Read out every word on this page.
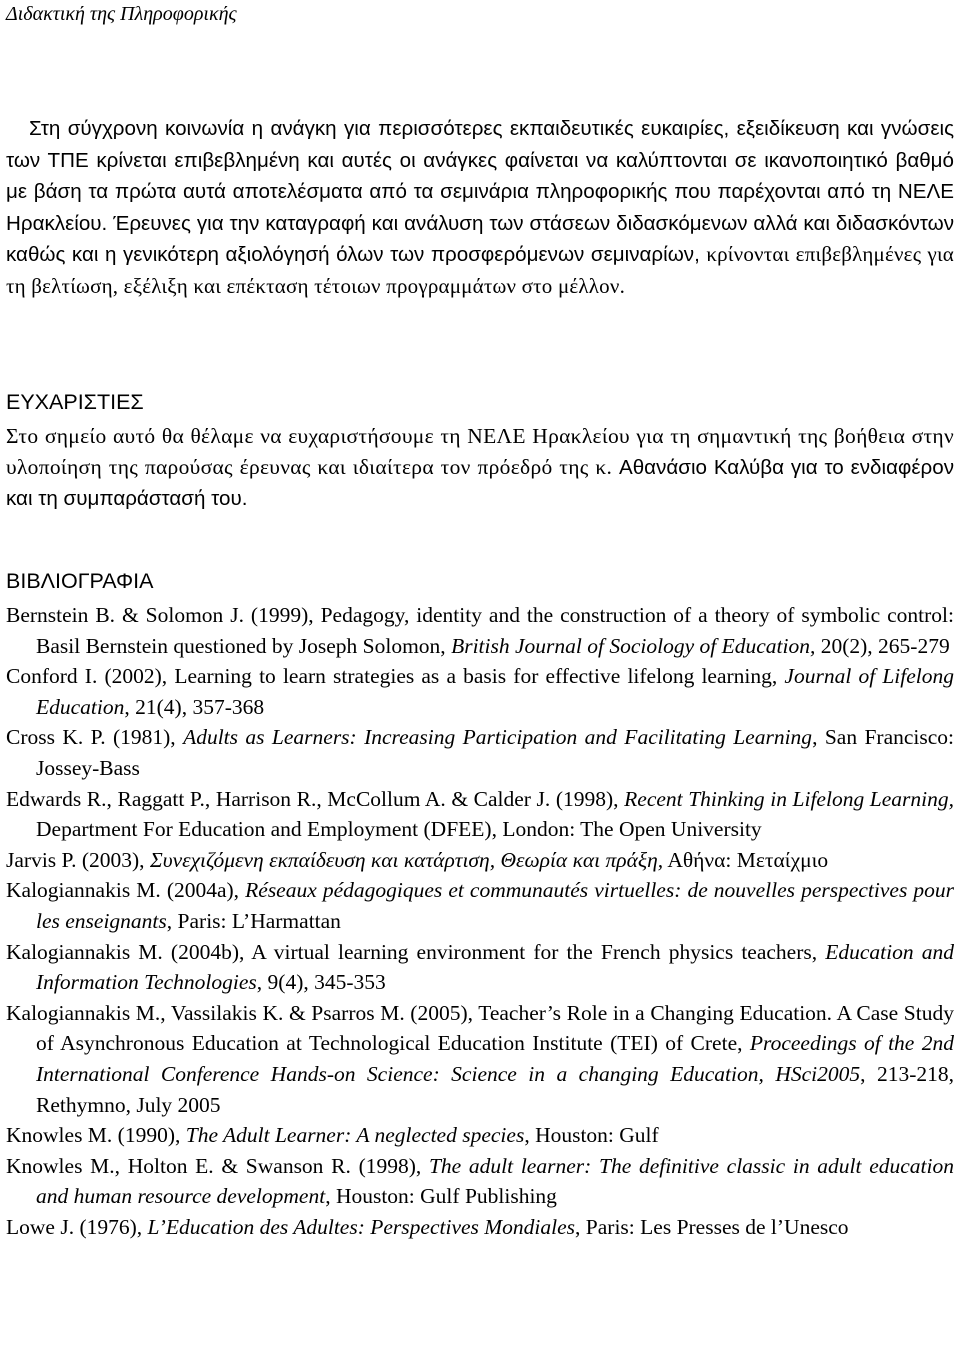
Διδακτική της Πληροφορικής

Στη σύγχρονη κοινωνία η ανάγκη για περισσότερες εκπαιδευτικές ευκαιρίες, εξειδίκευση και γνώσεις των ΤΠΕ κρίνεται επιβεβλημένη και αυτές οι ανάγκες φαίνεται να καλύπτονται σε ικανοποιητικό βαθμό με βάση τα πρώτα αυτά αποτελέσματα από τα σεμινάρια πληροφορικής που παρέχονται από τη ΝΕΛΕ Ηρακλείου. Έρευνες για την καταγραφή και ανάλυση των στάσεων διδασκόμενων αλλά και διδασκόντων καθώς και η γενικότερη αξιολόγησή όλων των προσφερόμενων σεμιναρίων, κρίνονται επιβεβλημένες για τη βελτίωση, εξέλιξη και επέκταση τέτοιων προγραμμάτων στο μέλλον.

ΕΥΧΑΡΙΣΤΙΕΣ

Στο σημείο αυτό θα θέλαμε να ευχαριστήσουμε τη ΝΕΛΕ Ηρακλείου για τη σημαντική της βοήθεια στην υλοποίηση της παρούσας έρευνας και ιδιαίτερα τον πρόεδρό της κ. Αθανάσιο Καλύβα για το ενδιαφέρον και τη συμπαράστασή του.

ΒΙΒΛΙΟΓΡΑΦΙΑ
Bernstein B. & Solomon J. (1999), Pedagogy, identity and the construction of a theory of symbolic control: Basil Bernstein questioned by Joseph Solomon, British Journal of Sociology of Education, 20(2), 265-279
Conford I. (2002), Learning to learn strategies as a basis for effective lifelong learning, Journal of Lifelong Education, 21(4), 357-368
Cross K. P. (1981), Adults as Learners: Increasing Participation and Facilitating Learning, San Francisco: Jossey-Bass
Edwards R., Raggatt P., Harrison R., McCollum A. & Calder J. (1998), Recent Thinking in Lifelong Learning, Department For Education and Employment (DFEE), London: The Open University
Jarvis P. (2003), Συνεχιζόμενη εκπαίδευση και κατάρτιση, Θεωρία και πράξη, Αθήνα: Μεταίχμιο
Kalogiannakis M. (2004a), Réseaux pédagogiques et communautés virtuelles: de nouvelles perspectives pour les enseignants, Paris: L’Harmattan
Kalogiannakis M. (2004b), A virtual learning environment for the French physics teachers, Education and Information Technologies, 9(4), 345-353
Kalogiannakis M., Vassilakis K. & Psarros M. (2005), Teacher’s Role in a Changing Education. A Case Study of Asynchronous Education at Technological Education Institute (TEI) of Crete, Proceedings of the 2nd International Conference Hands-on Science: Science in a changing Education, HSci2005, 213-218, Rethymno, July 2005
Knowles M. (1990), The Adult Learner: A neglected species, Houston: Gulf
Knowles M., Holton E. & Swanson R. (1998), The adult learner: The definitive classic in adult education and human resource development, Houston: Gulf Publishing
Lowe J. (1976), L’Education des Adultes: Perspectives Mondiales, Paris: Les Presses de l’Unesco
